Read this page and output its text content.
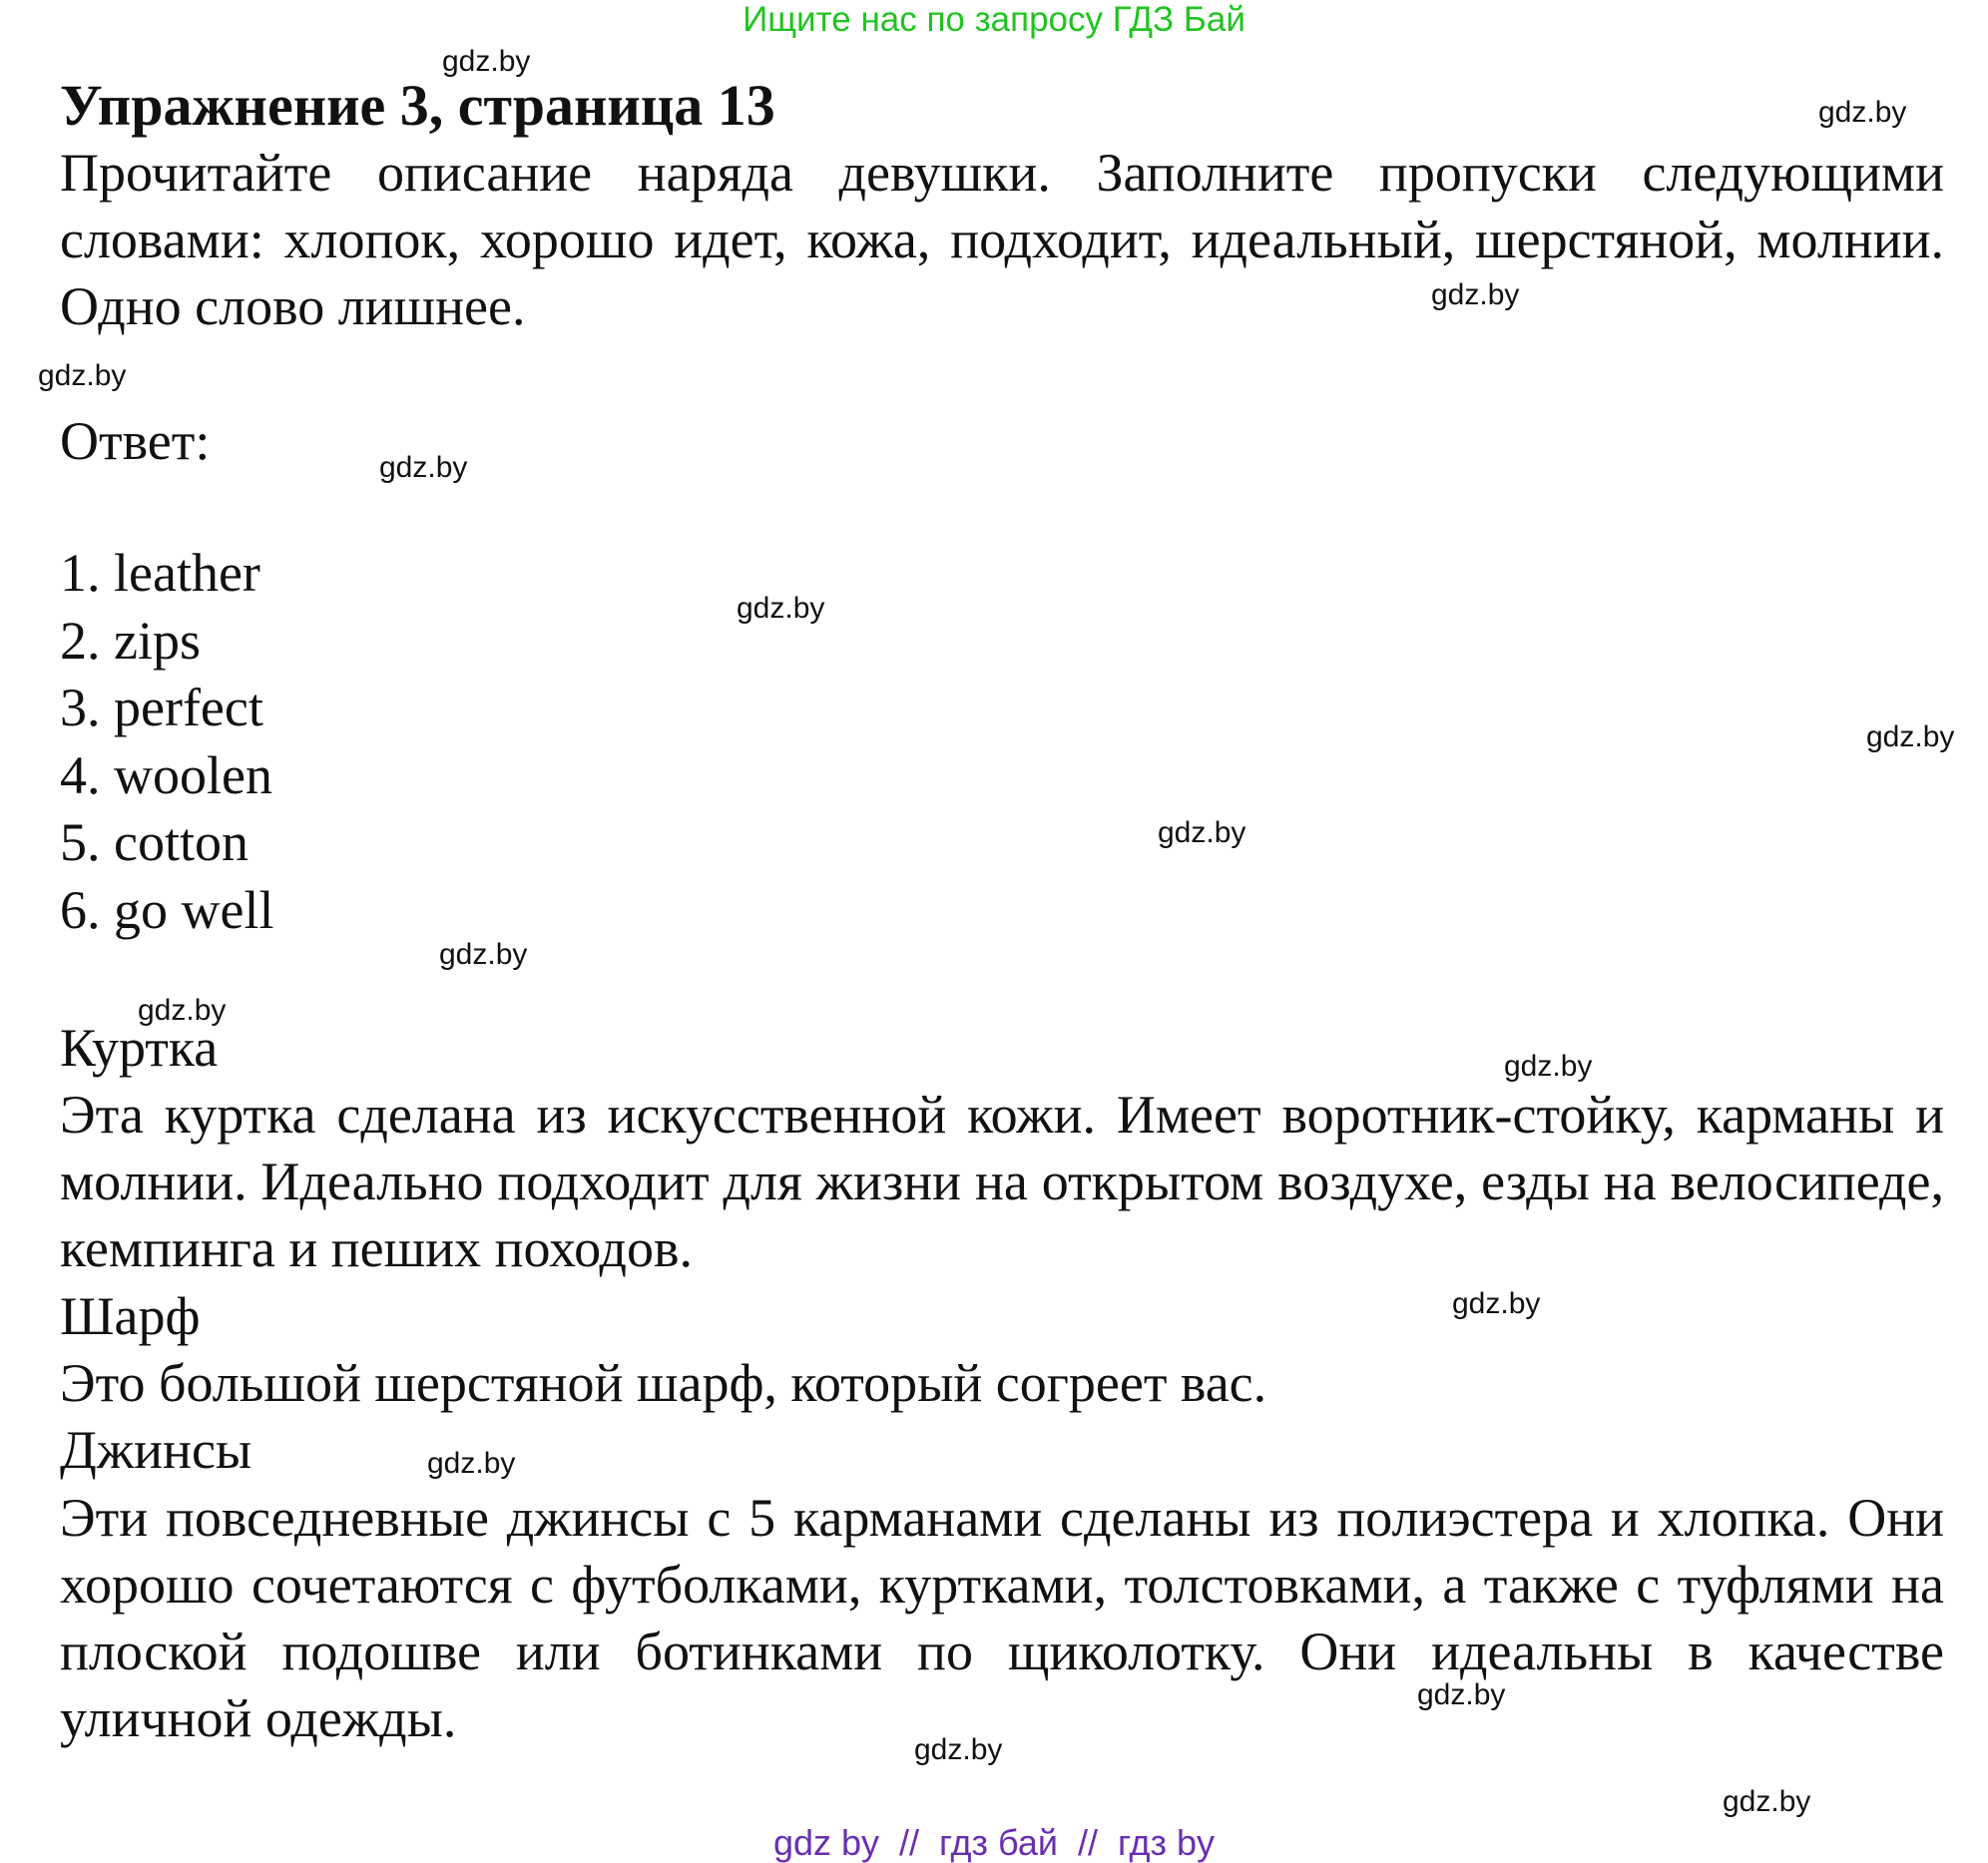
Ищите нас по запросу ГДЗ Бай
Упражнение 3, страница 13

Прочитайте описание наряда девушки. Заполните пропуски следующими словами: хлопок, хорошо идет, кожа, подходит, идеальный, шерстяной, молнии. Одно слово лишнее.

Ответ:

1. leather
2. zips
3. perfect
4. woolen
5. cotton
6. go well

Куртка

Эта куртка сделана из искусственной кожи. Имеет воротник-стойку, карманы и молнии. Идеально подходит для жизни на открытом воздухе, езды на велосипеде, кемпинга и пеших походов.

Шарф

Это большой шерстяной шарф, который согреет вас.

Джинсы

Эти повседневные джинсы с 5 карманами сделаны из полиэстера и хлопка. Они хорошо сочетаются с футболками, куртками, толстовками, а также с туфлями на плоской подошве или ботинками по щиколотку. Они идеальны в качестве уличной одежды.

gdz.by
gdz.by
gdz.by
gdz.by
gdz.by
gdz.by
gdz.by
gdz.by
gdz.by
gdz.by
gdz.by
gdz.by
gdz.by
gdz.by
gdz.by
gdz.by
gdz by  //  гдз бай  //  гдз by
